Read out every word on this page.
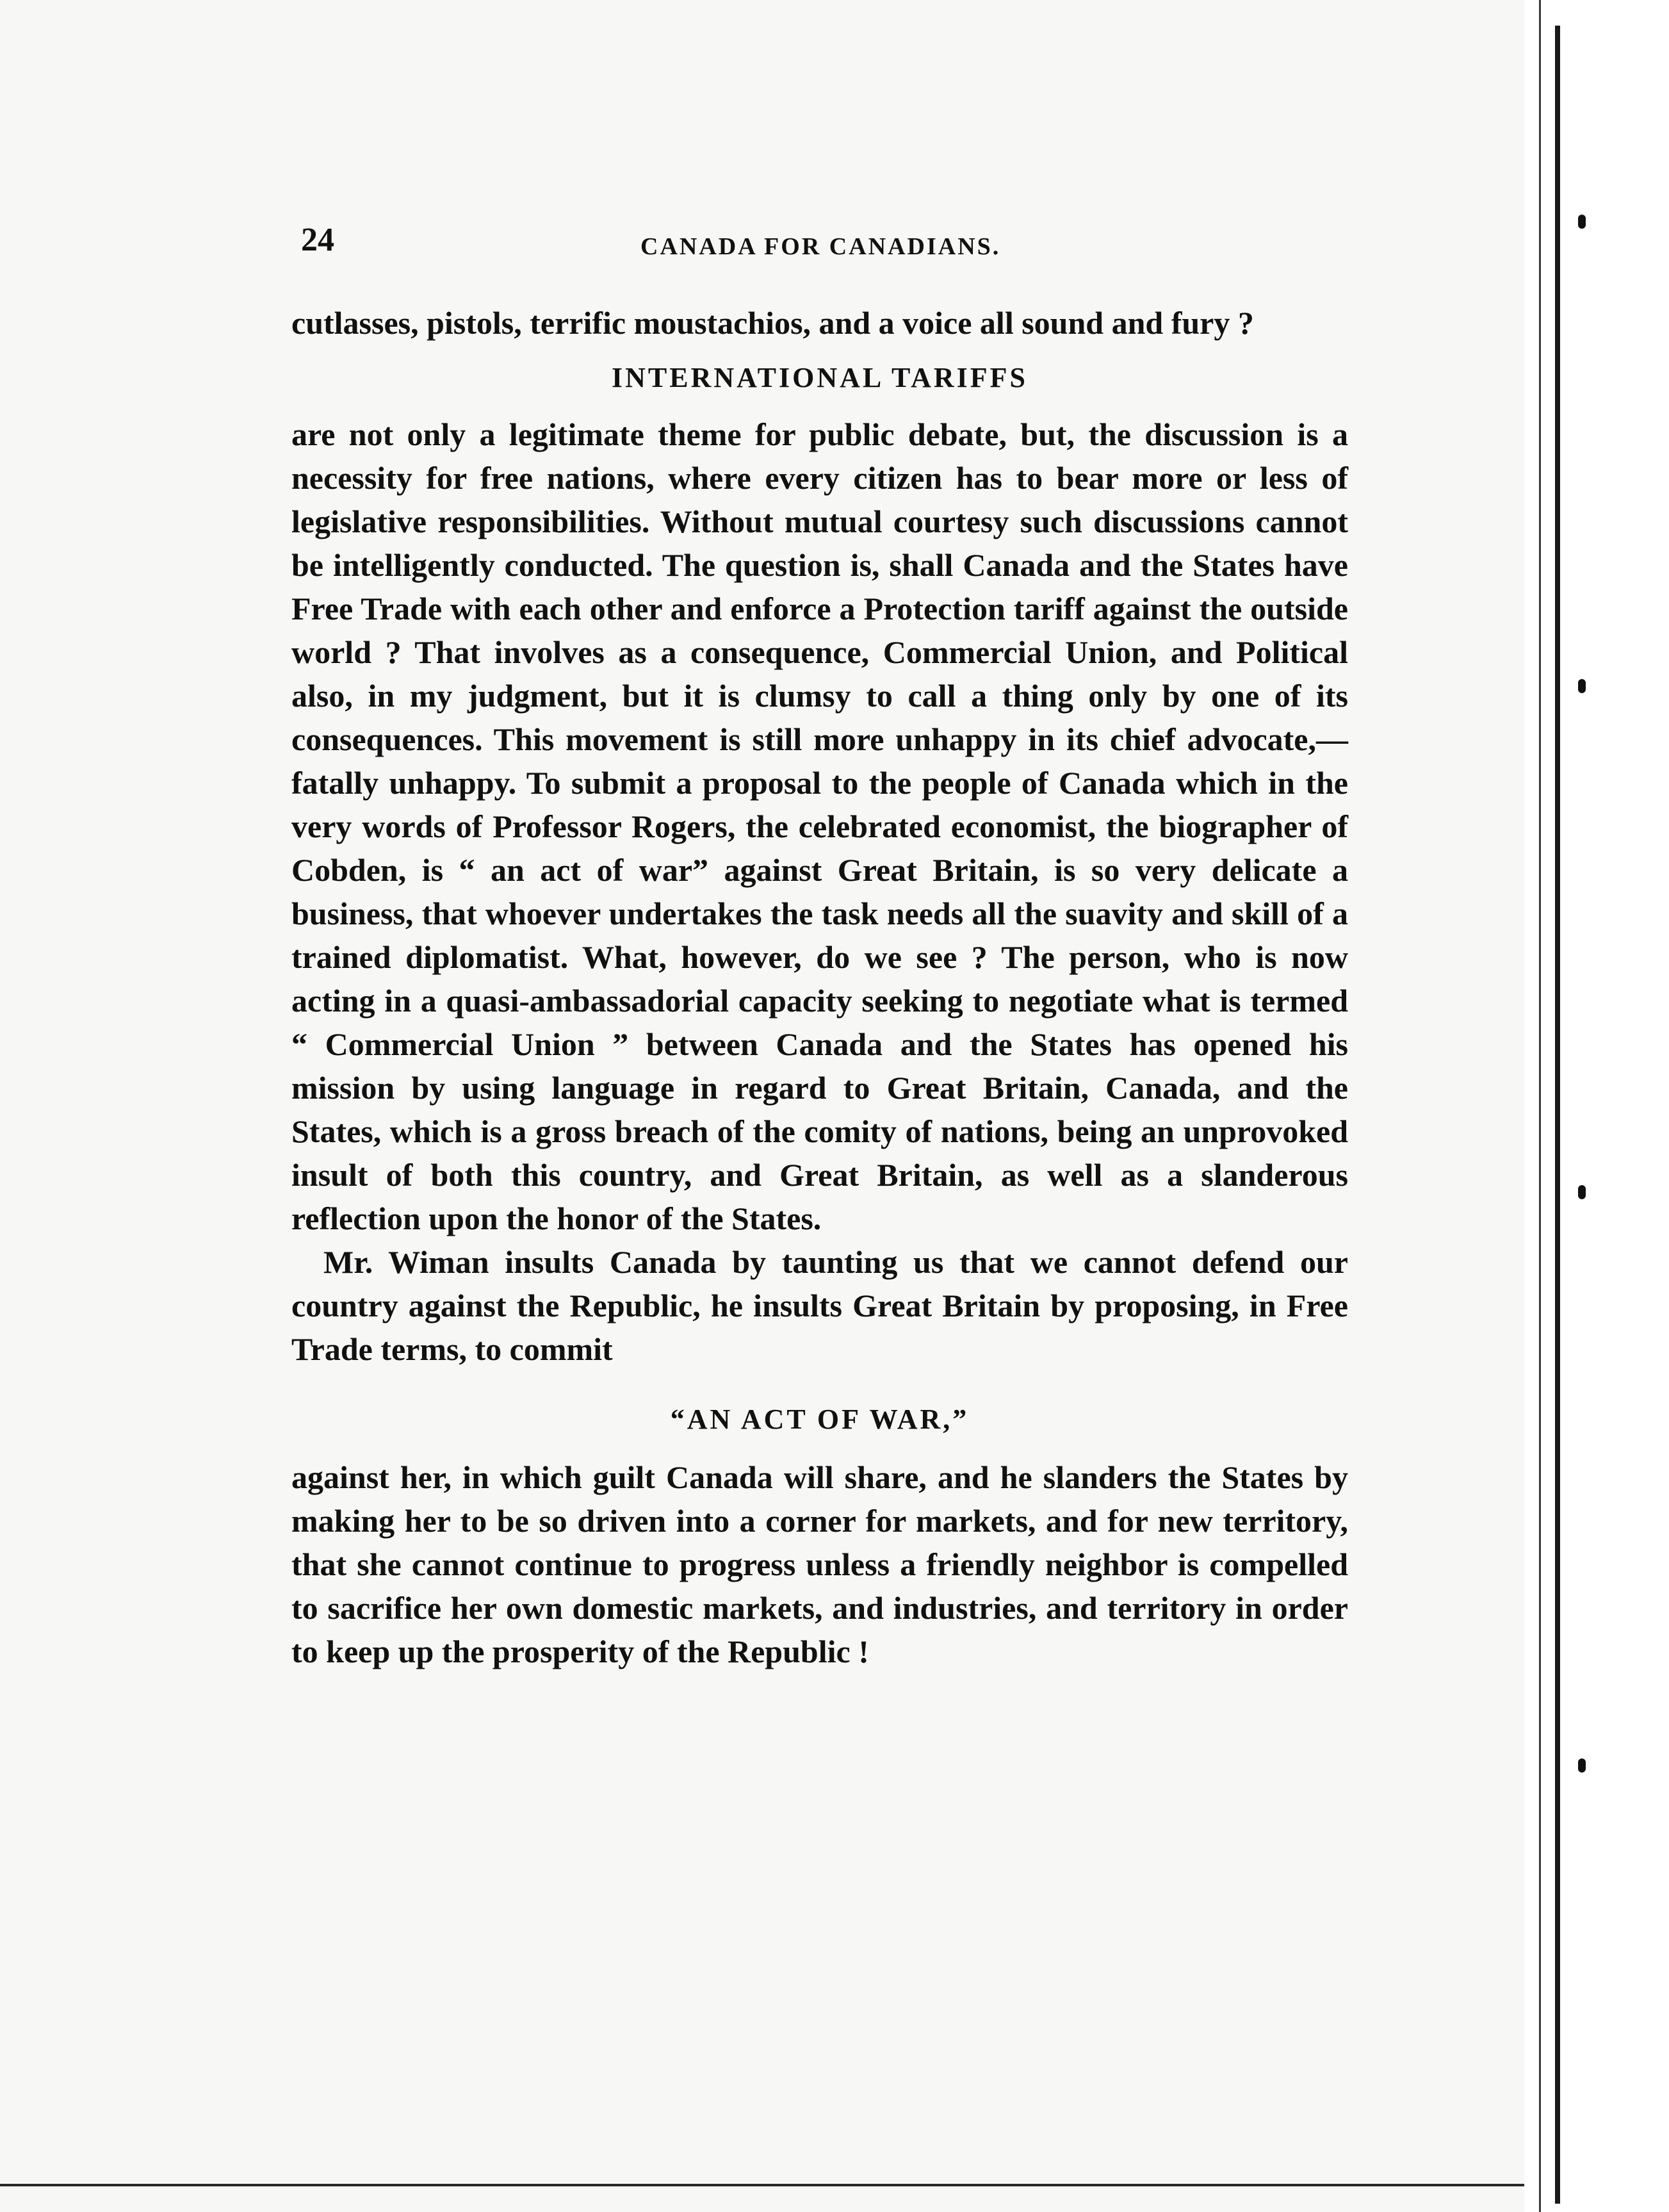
24	CANADA FOR CANADIANS.

cutlasses, pistols, terrific moustachios, and a voice all sound and fury ?

INTERNATIONAL TARIFFS

are not only a legitimate theme for public debate, but, the discussion is a necessity for free nations, where every citizen has to bear more or less of legislative responsibilities. Without mutual courtesy such discussions cannot be intelligently conducted. The question is, shall Canada and the States have Free Trade with each other and enforce a Protection tariff against the outside world ? That involves as a consequence, Commercial Union, and Political also, in my judgment, but it is clumsy to call a thing only by one of its consequences. This movement is still more unhappy in its chief advocate,—fatally unhappy. To submit a proposal to the people of Canada which in the very words of Professor Rogers, the celebrated economist, the biographer of Cobden, is “ an act of war” against Great Britain, is so very delicate a business, that whoever undertakes the task needs all the suavity and skill of a trained diplomatist. What, however, do we see ? The person, who is now acting in a quasi-ambassadorial capacity seeking to negotiate what is termed “ Commercial Union ” between Canada and the States has opened his mission by using language in regard to Great Britain, Canada, and the States, which is a gross breach of the comity of nations, being an unprovoked insult of both this country, and Great Britain, as well as a slanderous reflection upon the honor of the States.

Mr. Wiman insults Canada by taunting us that we cannot defend our country against the Republic, he insults Great Britain by proposing, in Free Trade terms, to commit

“AN ACT OF WAR,”

against her, in which guilt Canada will share, and he slanders the States by making her to be so driven into a corner for markets, and for new territory, that she cannot continue to progress unless a friendly neighbor is compelled to sacrifice her own domestic markets, and industries, and territory in order to keep up the prosperity of the Republic !
